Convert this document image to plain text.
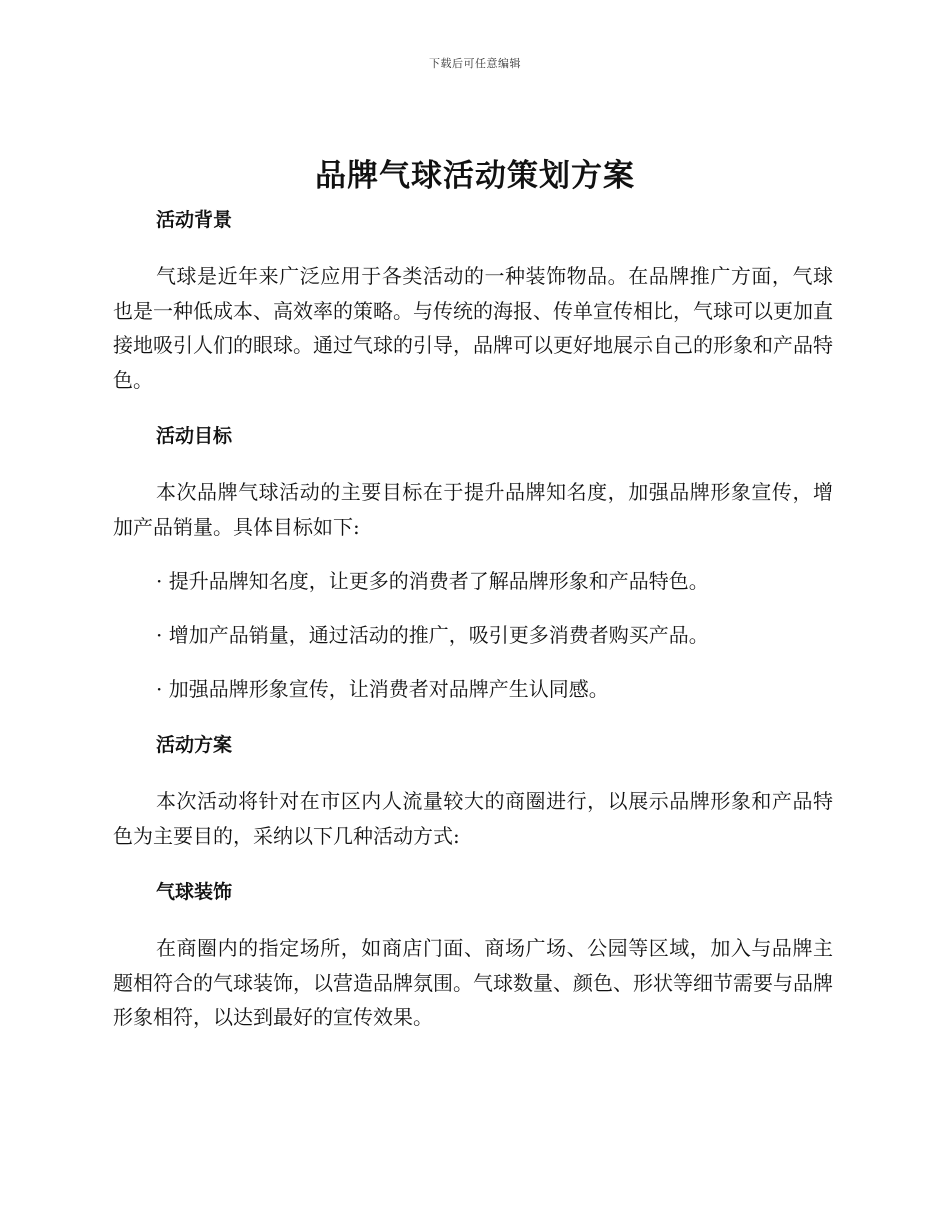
下载后可任意编辑
品牌气球活动策划方案
活动背景

气球是近年来广泛应用于各类活动的一种装饰物品。在品牌推广方面，气球也是一种低成本、高效率的策略。与传统的海报、传单宣传相比，气球可以更加直接地吸引人们的眼球。通过气球的引导，品牌可以更好地展示自己的形象和产品特色。

活动目标

本次品牌气球活动的主要目标在于提升品牌知名度，加强品牌形象宣传，增加产品销量。具体目标如下:

· 提升品牌知名度，让更多的消费者了解品牌形象和产品特色。

· 增加产品销量，通过活动的推广，吸引更多消费者购买产品。

· 加强品牌形象宣传，让消费者对品牌产生认同感。

活动方案

本次活动将针对在市区内人流量较大的商圈进行，以展示品牌形象和产品特色为主要目的，采纳以下几种活动方式:

气球装饰

在商圈内的指定场所，如商店门面、商场广场、公园等区域，加入与品牌主题相符合的气球装饰，以营造品牌氛围。气球数量、颜色、形状等细节需要与品牌形象相符，以达到最好的宣传效果。
